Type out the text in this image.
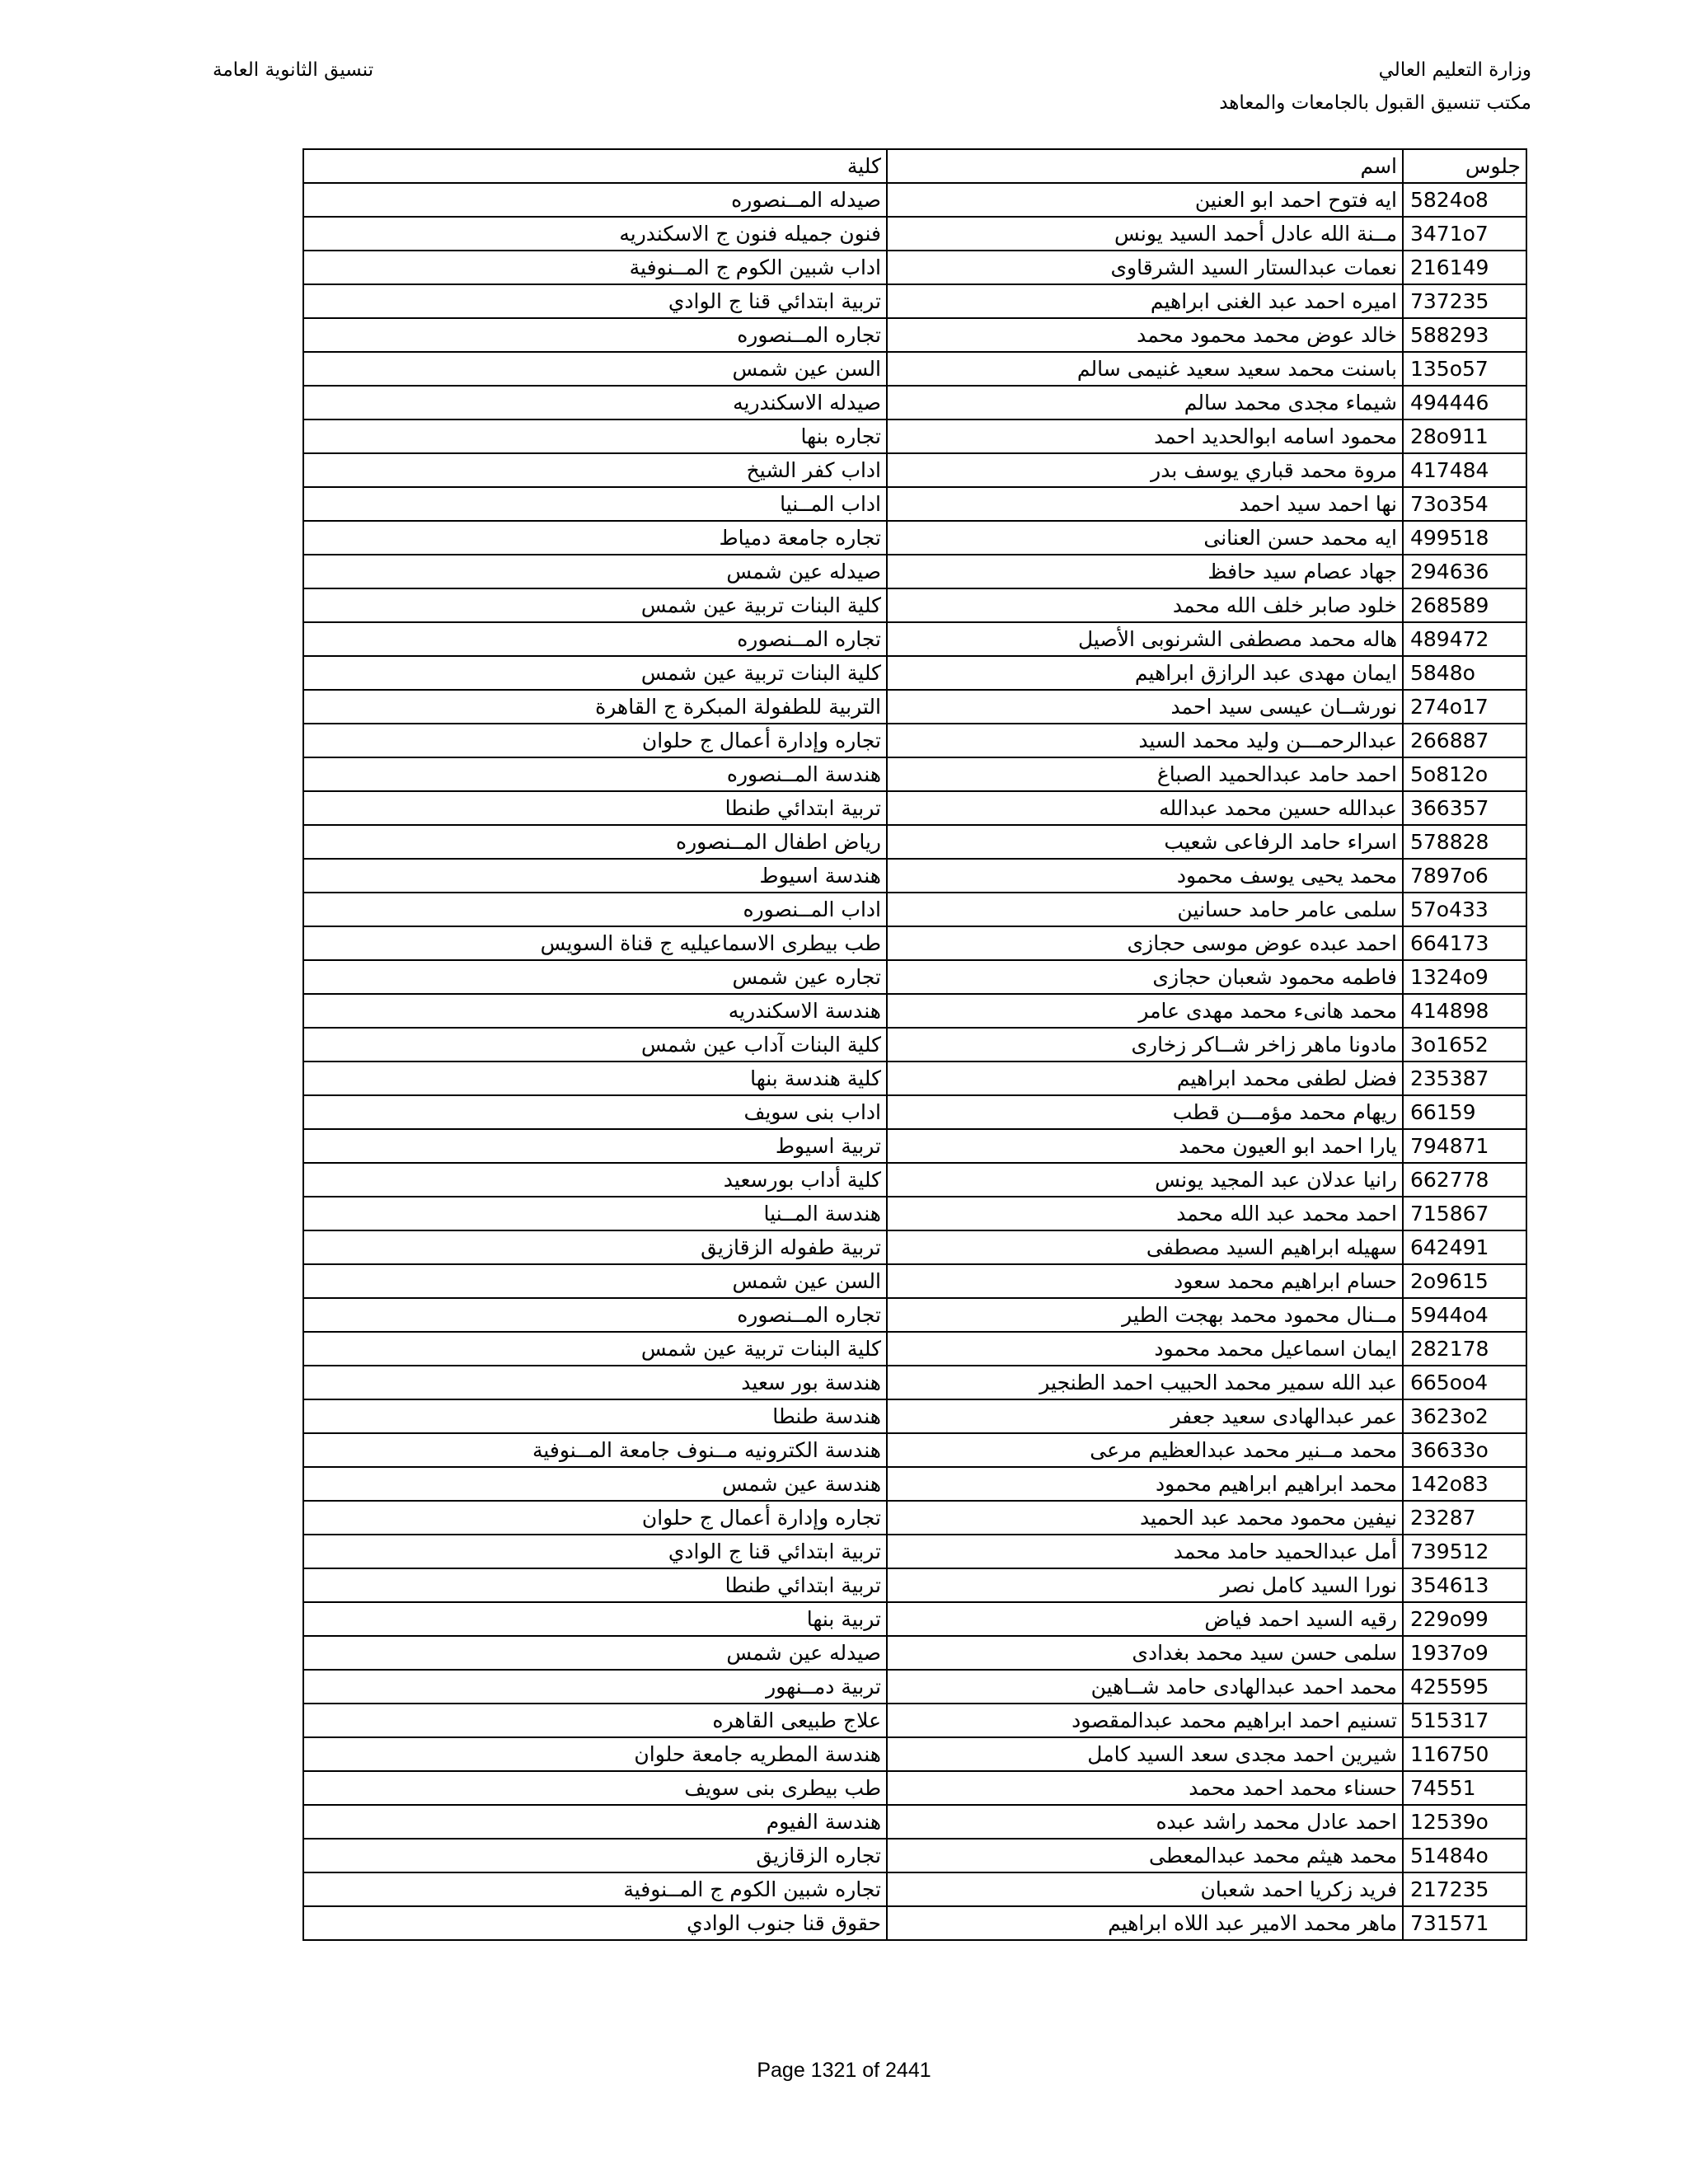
وزارة التعليم العالي
مكتب تنسيق القبول بالجامعات والمعاهد
تنسيق الثانوية العامة
جلوس	اسم	كلية
5824o8	ايه فتوح احمد ابو العنين	صيدله المــنصوره
3471o7	مــنة الله عادل أحمد السيد يونس	فنون جميله فنون ج الاسكندريه
216149	نعمات عبدالستار السيد الشرقاوى	اداب شبين الكوم ج المــنوفية
737235	اميره احمد عبد الغنى ابراهيم	تربية ابتدائي قنا ج الوادي
588293	خالد عوض محمد محمود محمد	تجاره المــنصوره
135o57	باسنت محمد سعيد سعيد غنيمى سالم	السن عين شمس
494446	شيماء مجدى محمد سالم	صيدله الاسكندريه
28o911	محمود اسامه ابوالحديد احمد	تجاره بنها
417484	مروة محمد قباري يوسف بدر	اداب كفر الشيخ
73o354	نها احمد سيد احمد	اداب المــنيا
499518	ايه محمد حسن العنانى	تجاره جامعة دمياط
294636	جهاد عصام سيد حافظ	صيدله عين شمس
268589	خلود صابر خلف الله محمد	كلية البنات تربية عين شمس
489472	هاله محمد مصطفى الشرنوبى الأصيل	تجاره المــنصوره
5848o	ايمان مهدى عبد الرازق ابراهيم	كلية البنات تربية عين شمس
274o17	نورشــان عيسى سيد احمد	التربية للطفولة المبكرة ج القاهرة
266887	عبدالرحمـــن وليد محمد السيد	تجاره وإدارة أعمال ج حلوان
5o812o	احمد حامد عبدالحميد الصباغ	هندسة المــنصوره
366357	عبدالله حسين محمد عبدالله	تربية ابتدائي طنطا
578828	اسراء حامد الرفاعى شعيب	رياض اطفال المــنصوره
7897o6	محمد يحيى يوسف محمود	هندسة اسيوط
57o433	سلمى عامر حامد حسانين	اداب المــنصوره
664173	احمد عبده عوض موسى حجازى	طب بيطرى الاسماعيليه ج قناة السويس
1324o9	فاطمه محمود شعبان حجازى	تجاره عين شمس
414898	محمد هانىء محمد مهدى عامر	هندسة الاسكندريه
3o1652	مادونا ماهر زاخر شــاكر زخارى	كلية البنات آداب عين شمس
235387	فضل لطفى محمد ابراهيم	كلية هندسة بنها
66159	ريهام محمد مؤمـــن قطب	اداب بنى سويف
794871	يارا احمد ابو العيون محمد	تربية اسيوط
662778	رانيا عدلان عبد المجيد يونس	كلية أداب بورسعيد
715867	احمد محمد عبد الله محمد	هندسة المــنيا
642491	سهيله ابراهيم السيد مصطفى	تربية طفوله الزقازيق
2o9615	حسام ابراهيم محمد سعود	السن عين شمس
5944o4	مــنال محمود محمد بهجت الطير	تجاره المــنصوره
282178	ايمان اسماعيل محمد محمود	كلية البنات تربية عين شمس
665oo4	عبد الله سمير محمد الحبيب احمد الطنجير	هندسة بور سعيد
3623o2	عمر عبدالهادى سعيد جعفر	هندسة طنطا
36633o	محمد مــنير محمد عبدالعظيم مرعى	هندسة الكترونيه مــنوف جامعة المــنوفية
142o83	محمد ابراهيم ابراهيم محمود	هندسة عين شمس
23287	نيفين محمود محمد عبد الحميد	تجاره وإدارة أعمال ج حلوان
739512	أمل عبدالحميد حامد محمد	تربية ابتدائي قنا ج الوادي
354613	نورا السيد كامل نصر	تربية ابتدائي طنطا
229o99	رقيه السيد احمد فياض	تربية بنها
1937o9	سلمى حسن سيد محمد بغدادى	صيدله عين شمس
425595	محمد احمد عبدالهادى حامد شــاهين	تربية دمــنهور
515317	تسنيم احمد ابراهيم محمد عبدالمقصود	علاج طبيعى القاهره
116750	شيرين احمد مجدى سعد السيد كامل	هندسة المطريه جامعة حلوان
74551	حسناء محمد احمد محمد	طب بيطرى بنى سويف
12539o	احمد عادل محمد راشد عبده	هندسة الفيوم
51484o	محمد هيثم محمد عبدالمعطى	تجاره الزقازيق
217235	فريد زكريا احمد شعبان	تجاره شبين الكوم ج المــنوفية
731571	ماهر محمد الامير عبد اللاه ابراهيم	حقوق قنا جنوب الوادي
Page 1321 of 2441
